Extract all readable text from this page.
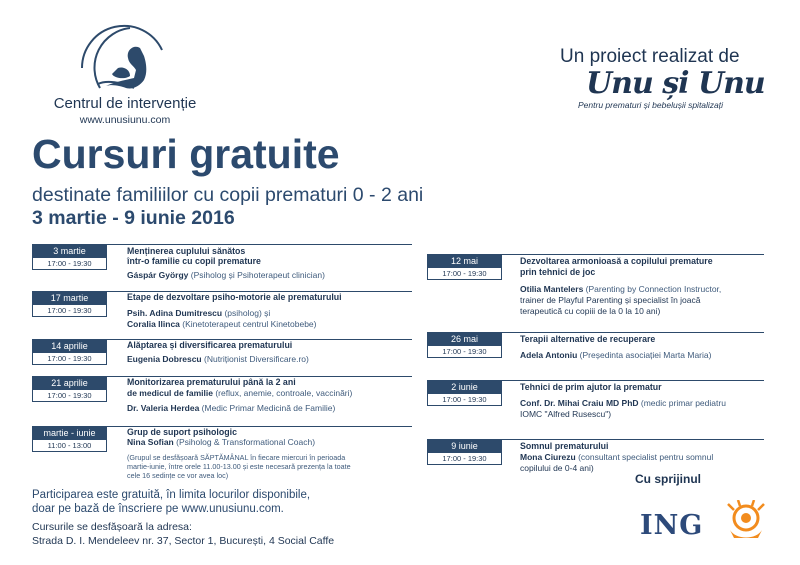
Centrul de intervenție
www.unusiunu.com
Un proiect realizat de
Unu și Unu
Pentru prematuri și bebelușii spitalizați
Cursuri gratuite
destinate familiilor cu copii prematuri 0 - 2 ani
3 martie - 9 iunie 2016
3 martie
17:00 - 19:30
Menținerea cuplului sănătos
într-o familie cu copil premature
Gáspár György (Psiholog și Psihoterapeut clinician)
17 martie
17:00 - 19:30
Etape de dezvoltare psiho-motorie ale prematurului
Psih. Adina Dumitrescu (psiholog) și
Coralia Ilinca (Kinetoterapeut centrul Kinetobebe)
14 aprilie
17:00 - 19:30
Alăptarea și diversificarea prematurului
Eugenia Dobrescu (Nutriționist Diversificare.ro)
21 aprilie
17:00 - 19:30
Monitorizarea prematurului până la 2 ani
de medicul de familie (reflux, anemie, controale, vaccinări)
Dr. Valeria Herdea (Medic Primar Medicină de Familie)
martie - iunie
11:00 - 13:00
Grup de suport psihologic
Nina Sofian (Psiholog & Transformational Coach)
(Grupul se desfășoară SĂPTĂMÂNAL în fiecare miercuri în perioada
martie-iunie, între orele 11.00-13.00 și este necesară prezența la toate
cele 16 sedințe ce vor avea loc)
12 mai
17:00 - 19:30
Dezvoltarea armonioasă a copilului premature
prin tehnici de joc
Otilia Mantelers (Parenting by Connection Instructor,
trainer de Playful Parenting și specialist în joacă
terapeutică cu copiii de la 0 la 10 ani)
26 mai
17:00 - 19:30
Terapii alternative de recuperare
Adela Antoniu (Președinta asociației Marta Maria)
2 iunie
17:00 - 19:30
Tehnici de prim ajutor la prematur
Conf. Dr. Mihai Craiu MD PhD (medic primar pediatru
IOMC "Alfred Rusescu")
9 iunie
17:00 - 19:30
Somnul prematurului
Mona Ciurezu (consultant specialist pentru somnul
copilului de 0-4 ani)
Participarea este gratuită, în limita locurilor disponibile,
doar pe bază de înscriere pe www.unusiunu.com.
Cursurile se desfășoară la adresa:
Strada D. I. Mendeleev nr. 37, Sector 1, București, 4 Social Caffe
Cu sprijinul
ING
